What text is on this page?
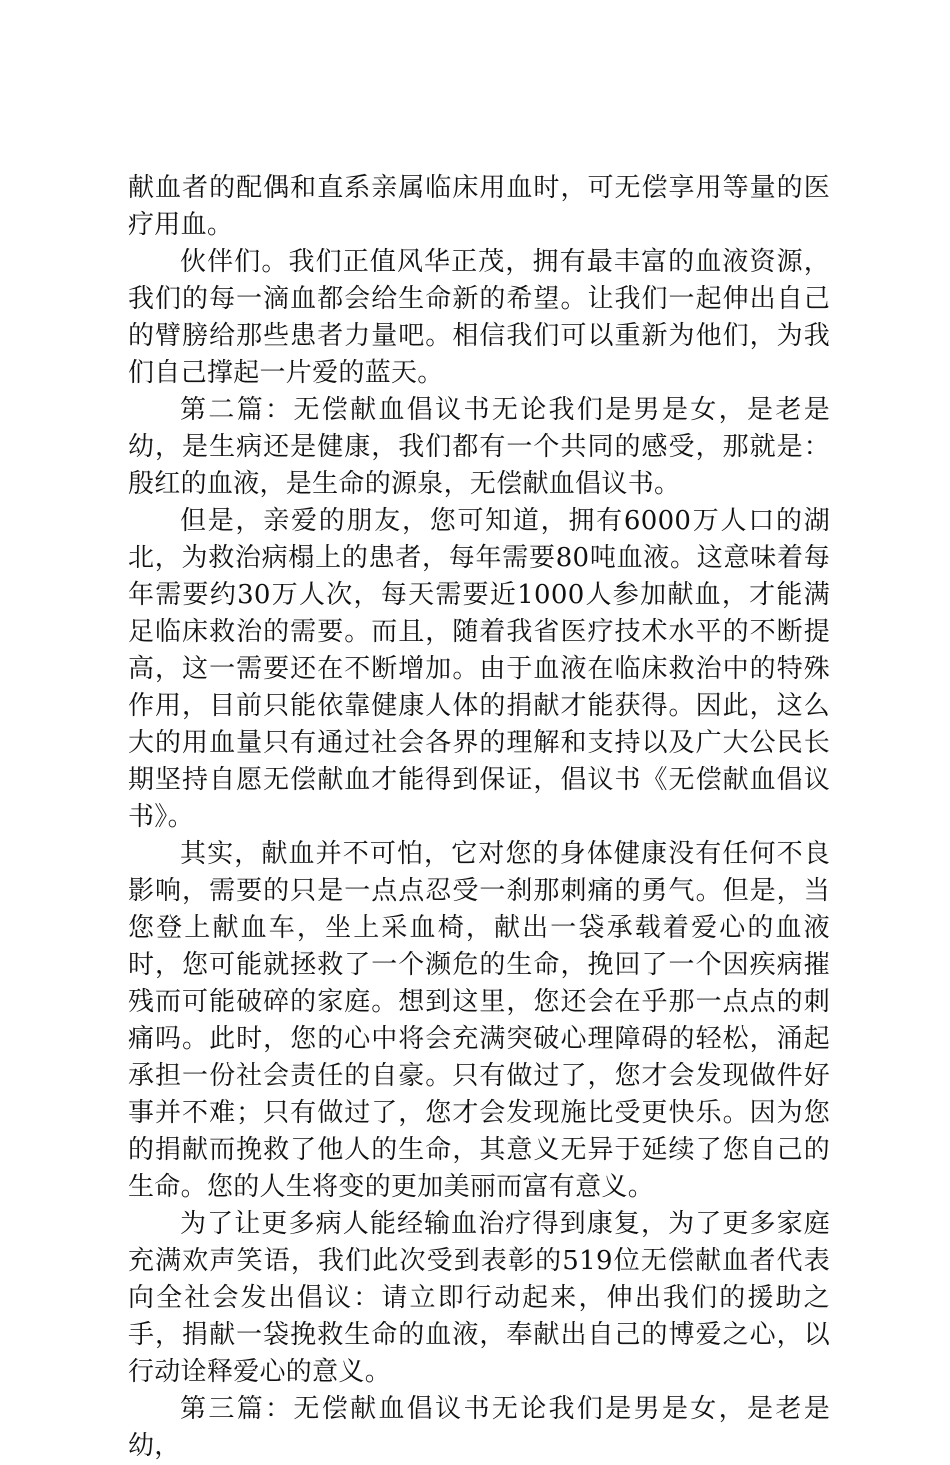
献血者的配偶和直系亲属临床用血时，可无偿享用等量的医疗用血。

伙伴们。我们正值风华正茂，拥有最丰富的血液资源，我们的每一滴血都会给生命新的希望。让我们一起伸出自己的臂膀给那些患者力量吧。相信我们可以重新为他们，为我们自己撑起一片爱的蓝天。

第二篇：无偿献血倡议书无论我们是男是女，是老是幼，是生病还是健康，我们都有一个共同的感受，那就是：殷红的血液，是生命的源泉，无偿献血倡议书。

但是，亲爱的朋友，您可知道，拥有6000万人口的湖北，为救治病榻上的患者，每年需要80吨血液。这意味着每年需要约30万人次，每天需要近1000人参加献血，才能满足临床救治的需要。而且，随着我省医疗技术水平的不断提高，这一需要还在不断增加。由于血液在临床救治中的特殊作用，目前只能依靠健康人体的捐献才能获得。因此，这么大的用血量只有通过社会各界的理解和支持以及广大公民长期坚持自愿无偿献血才能得到保证，倡议书《无偿献血倡议书》。

其实，献血并不可怕，它对您的身体健康没有任何不良影响，需要的只是一点点忍受一刹那刺痛的勇气。但是，当您登上献血车，坐上采血椅，献出一袋承载着爱心的血液时，您可能就拯救了一个濒危的生命，挽回了一个因疾病摧残而可能破碎的家庭。想到这里，您还会在乎那一点点的刺痛吗。此时，您的心中将会充满突破心理障碍的轻松，涌起承担一份社会责任的自豪。只有做过了，您才会发现做件好事并不难；只有做过了，您才会发现施比受更快乐。因为您的捐献而挽救了他人的生命，其意义无异于延续了您自己的生命。您的人生将变的更加美丽而富有意义。

为了让更多病人能经输血治疗得到康复，为了更多家庭充满欢声笑语，我们此次受到表彰的519位无偿献血者代表向全社会发出倡议：请立即行动起来，伸出我们的援助之手，捐献一袋挽救生命的血液，奉献出自己的博爱之心，以行动诠释爱心的意义。

第三篇：无偿献血倡议书无论我们是男是女，是老是幼，
